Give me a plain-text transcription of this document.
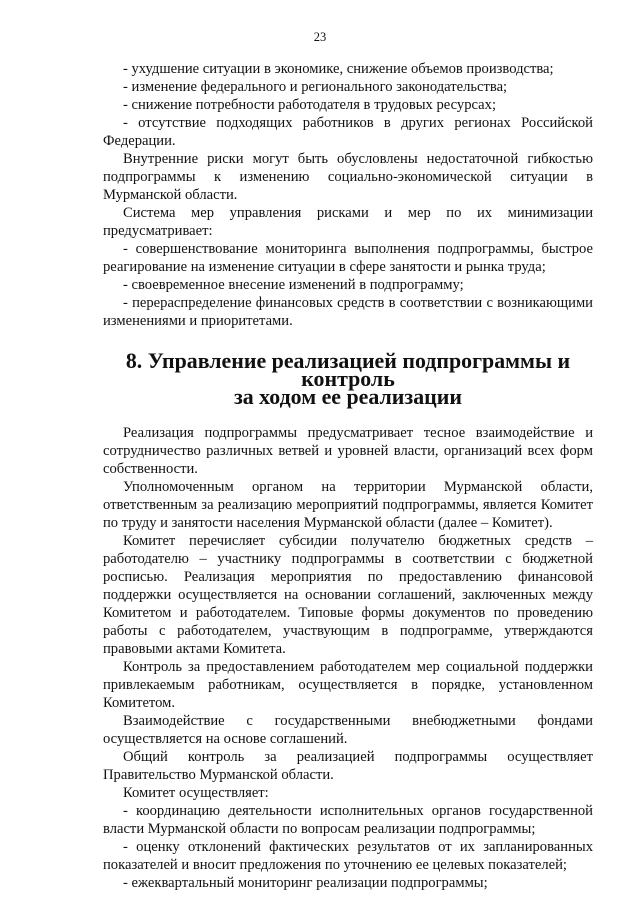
23

- ухудшение ситуации в экономике, снижение объемов производства;

- изменение федерального и регионального законодательства;

- снижение потребности работодателя в трудовых ресурсах;

- отсутствие подходящих работников в других регионах Российской Федерации.

Внутренние риски могут быть обусловлены недостаточной гибкостью подпрограммы к изменению социально-экономической ситуации в Мурманской области.

Система мер управления рисками и мер по их минимизации предусматривает:

- совершенствование мониторинга выполнения подпрограммы, быстрое реагирование на изменение ситуации в сфере занятости и рынка труда;

- своевременное внесение изменений в подпрограмму;

- перераспределение финансовых средств в соответствии с возникающими изменениями и приоритетами.

8. Управление реализацией подпрограммы и контроль
за ходом ее реализации

Реализация подпрограммы предусматривает тесное взаимодействие и сотрудничество различных ветвей и уровней власти, организаций всех форм собственности.

Уполномоченным органом на территории Мурманской области, ответственным за реализацию мероприятий подпрограммы, является Комитет по труду и занятости населения Мурманской области (далее – Комитет).

Комитет перечисляет субсидии получателю бюджетных средств – работодателю – участнику подпрограммы в соответствии с бюджетной росписью. Реализация мероприятия по предоставлению финансовой поддержки осуществляется на основании соглашений, заключенных между Комитетом и работодателем. Типовые формы документов по проведению работы с работодателем, участвующим в подпрограмме, утверждаются правовыми актами Комитета.

Контроль за предоставлением работодателем мер социальной поддержки привлекаемым работникам, осуществляется в порядке, установленном Комитетом.

Взаимодействие с государственными внебюджетными фондами осуществляется на основе соглашений.

Общий контроль за реализацией подпрограммы осуществляет Правительство Мурманской области.

Комитет осуществляет:

- координацию деятельности исполнительных органов государственной власти Мурманской области по вопросам реализации подпрограммы;

- оценку отклонений фактических результатов от их запланированных показателей и вносит предложения по уточнению ее целевых показателей;

- ежеквартальный мониторинг реализации подпрограммы;
